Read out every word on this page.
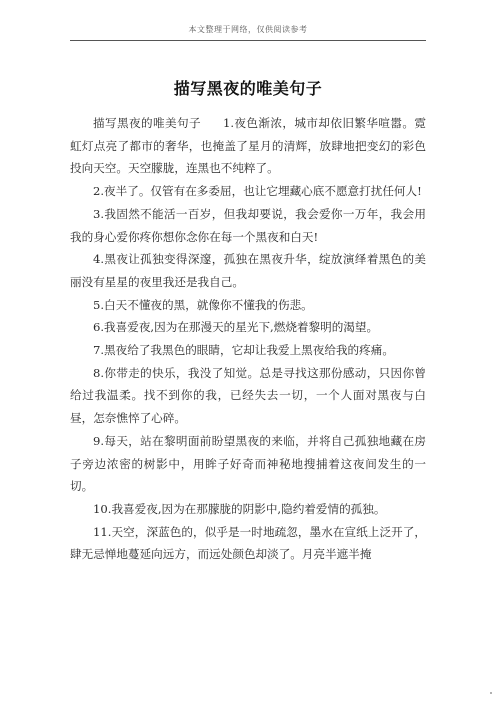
本文整理于网络，仅供阅读参考
描写黑夜的唯美句子

描写黑夜的唯美句子 1.夜色渐浓，城市却依旧繁华喧嚣。霓虹灯点亮了都市的奢华，也掩盖了星月的清辉，放肆地把变幻的彩色投向天空。天空朦胧，连黑也不纯粹了。

2.夜半了。仅管有在多委屈，也让它埋藏心底不愿意打扰任何人!

3.我固然不能活一百岁，但我却要说，我会爱你一万年，我会用我的身心爱你疼你想你念你在每一个黑夜和白天!

4.黑夜让孤独变得深邃，孤独在黑夜升华，绽放演绎着黑色的美丽没有星星的夜里我还是我自己。

5.白天不懂夜的黑，就像你不懂我的伤悲。

6.我喜爱夜,因为在那漫天的星光下,燃烧着黎明的渴望。

7.黑夜给了我黑色的眼睛，它却让我爱上黑夜给我的疼痛。

8.你带走的快乐，我没了知觉。总是寻找这那份感动，只因你曾给过我温柔。找不到你的我，已经失去一切，一个人面对黑夜与白昼，怎奈憔悴了心碎。

9.每天，站在黎明面前盼望黑夜的来临，并将自己孤独地藏在房子旁边浓密的树影中，用眸子好奇而神秘地搜捕着这夜间发生的一切。

10.我喜爱夜,因为在那朦胧的阴影中,隐约着爱情的孤独。

11.天空，深蓝色的，似乎是一时地疏忽，墨水在宣纸上泛开了，肆无忌惮地蔓延向远方，而远处颜色却淡了。月亮半遮半掩
